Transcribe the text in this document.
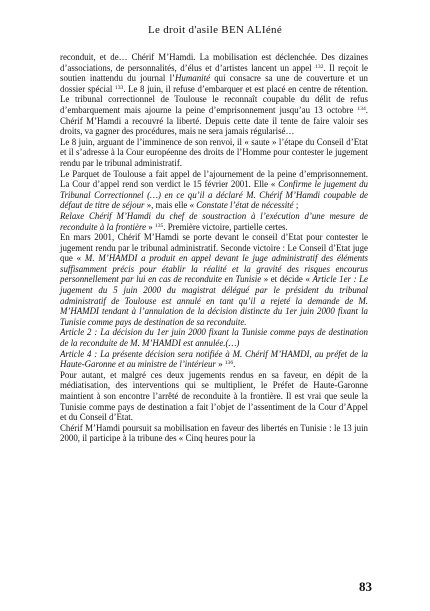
Le droit d'asile BEN ALIéné

reconduit, et de… Chérif M’Hamdi. La mobilisation est déclenchée. Des dizaines d’associations, de personnalités, d’élus et d’artistes lancent un appel $^{132}$. Il reçoit le soutien inattendu du journal l’Humanité qui consacre sa une de couverture et un dossier spécial $^{133}$. Le 8 juin, il refuse d’embarquer et est placé en centre de rétention. Le tribunal correctionnel de Toulouse le reconnaît coupable du délit de refus d’embarquement mais ajourne la peine d’emprisonnement jusqu’au 13 octobre $^{134}$. Chérif M’Hamdi a recouvré la liberté. Depuis cette date il tente de faire valoir ses droits, va gagner des procédures, mais ne sera jamais régularisé…

Le 8 juin, arguant de l’imminence de son renvoi, il « saute » l’étape du Conseil d’Etat et il s’adresse à la Cour européenne des droits de l’Homme pour contester le jugement rendu par le tribunal administratif.

Le Parquet de Toulouse a fait appel de l’ajournement de la peine d’emprisonnement. La Cour d’appel rend son verdict le 15 février 2001. Elle « Confirme le jugement du Tribunal Correctionnel (…) en ce qu’il a déclaré M. Chérif M’Hamdi coupable de défaut de titre de séjour », mais elle « Constate l’état de nécessité ;

Relaxe Chérif M’Hamdi du chef de soustraction à l’exécution d’une mesure de reconduite à la frontière » $^{135}$. Première victoire, partielle certes.

En mars 2001, Chérif M’Hamdi se porte devant le conseil d’Etat pour contester le jugement rendu par le tribunal administratif. Seconde victoire : Le Conseil d’Etat juge que « M. M’HAMDI a produit en appel devant le juge administratif des éléments suffisamment précis pour établir la réalité et la gravité des risques encourus personnellement par lui en cas de reconduite en Tunisie » et décide « Article 1er : Le jugement du 5 juin 2000 du magistrat délégué par le président du tribunal administratif de Toulouse est annulé en tant qu’il a rejeté la demande de M. M’HAMDI tendant à l’annulation de la décision distincte du 1er juin 2000 fixant la Tunisie comme pays de destination de sa reconduite.

Article 2 : La décision du 1er juin 2000 fixant la Tunisie comme pays de destination de la reconduite de M. M’HAMDI est annulée.(…)

Article 4 : La présente décision sera notifiée à M. Chérif M’HAMDI, au préfet de la Haute-Garonne et au ministre de l’intérieur » $^{136}$.

Pour autant, et malgré ces deux jugements rendus en sa faveur, en dépit de la médiatisation, des interventions qui se multiplient, le Préfet de Haute-Garonne maintient à son encontre l’arrêté de reconduite à la frontière. Il est vrai que seule la Tunisie comme pays de destination a fait l’objet de l’assentiment de la Cour d’Appel et du Conseil d’Etat.

Chérif M’Hamdi poursuit sa mobilisation en faveur des libertés en Tunisie : le 13 juin 2000, il participe à la tribune des « Cinq heures pour la

83
